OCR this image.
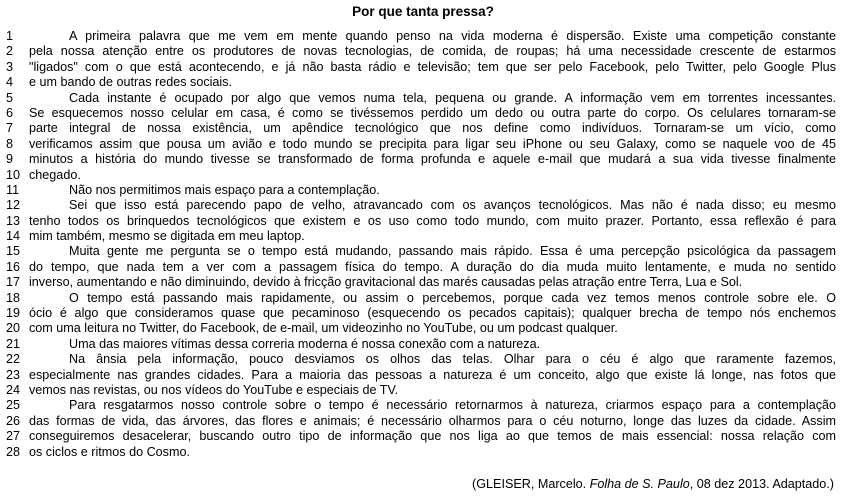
Por que tanta pressa?
1	A primeira palavra que me vem em mente quando penso na vida moderna é dispersão. Existe uma competição constante
2	pela nossa atenção entre os produtores de novas tecnologias, de comida, de roupas; há uma necessidade crescente de estarmos
3	"ligados" com o que está acontecendo, e já não basta rádio e televisão; tem que ser pelo Facebook, pelo Twitter, pelo Google Plus
4	e um bando de outras redes sociais.
5	Cada instante é ocupado por algo que vemos numa tela, pequena ou grande. A informação vem em torrentes incessantes.
6	Se esquecemos nosso celular em casa, é como se tivéssemos perdido um dedo ou outra parte do corpo. Os celulares tornaram-se
7	parte integral de nossa existência, um apêndice tecnológico que nos define como indivíduos. Tornaram-se um vício, como
8	verificamos assim que pousa um avião e todo mundo se precipita para ligar seu iPhone ou seu Galaxy, como se naquele voo de 45
9	minutos a história do mundo tivesse se transformado de forma profunda e aquele e-mail que mudará a sua vida tivesse finalmente
10 chegado.
11	Não nos permitimos mais espaço para a contemplação.
12	Sei que isso está parecendo papo de velho, atravancado com os avanços tecnológicos. Mas não é nada disso; eu mesmo
13 tenho todos os brinquedos tecnológicos que existem e os uso como todo mundo, com muito prazer. Portanto, essa reflexão é para
14 mim também, mesmo se digitada em meu laptop.
15	Muita gente me pergunta se o tempo está mudando, passando mais rápido. Essa é uma percepção psicológica da passagem
16 do tempo, que nada tem a ver com a passagem física do tempo. A duração do dia muda muito lentamente, e muda no sentido
17 inverso, aumentando e não diminuindo, devido à fricção gravitacional das marés causadas pelas atração entre Terra, Lua e Sol.
18	O tempo está passando mais rapidamente, ou assim o percebemos, porque cada vez temos menos controle sobre ele. O
19 ócio é algo que consideramos quase que pecaminoso (esquecendo os pecados capitais); qualquer brecha de tempo nós enchemos
20 com uma leitura no Twitter, do Facebook, de e-mail, um videozinho no YouTube, ou um podcast qualquer.
21	Uma das maiores vítimas dessa correria moderna é nossa conexão com a natureza.
22	Na ânsia pela informação, pouco desviamos os olhos das telas. Olhar para o céu é algo que raramente fazemos,
23 especialmente nas grandes cidades. Para a maioria das pessoas a natureza é um conceito, algo que existe lá longe, nas fotos que
24 vemos nas revistas, ou nos vídeos do YouTube e especiais de TV.
25	Para resgatarmos nosso controle sobre o tempo é necessário retornarmos à natureza, criarmos espaço para a contemplação
26 das formas de vida, das árvores, das flores e animais; é necessário olharmos para o céu noturno, longe das luzes da cidade. Assim
27 conseguiremos desacelerar, buscando outro tipo de informação que nos liga ao que temos de mais essencial: nossa relação com
28 os ciclos e ritmos do Cosmo.
(GLEISER, Marcelo. Folha de S. Paulo, 08 dez 2013. Adaptado.)
